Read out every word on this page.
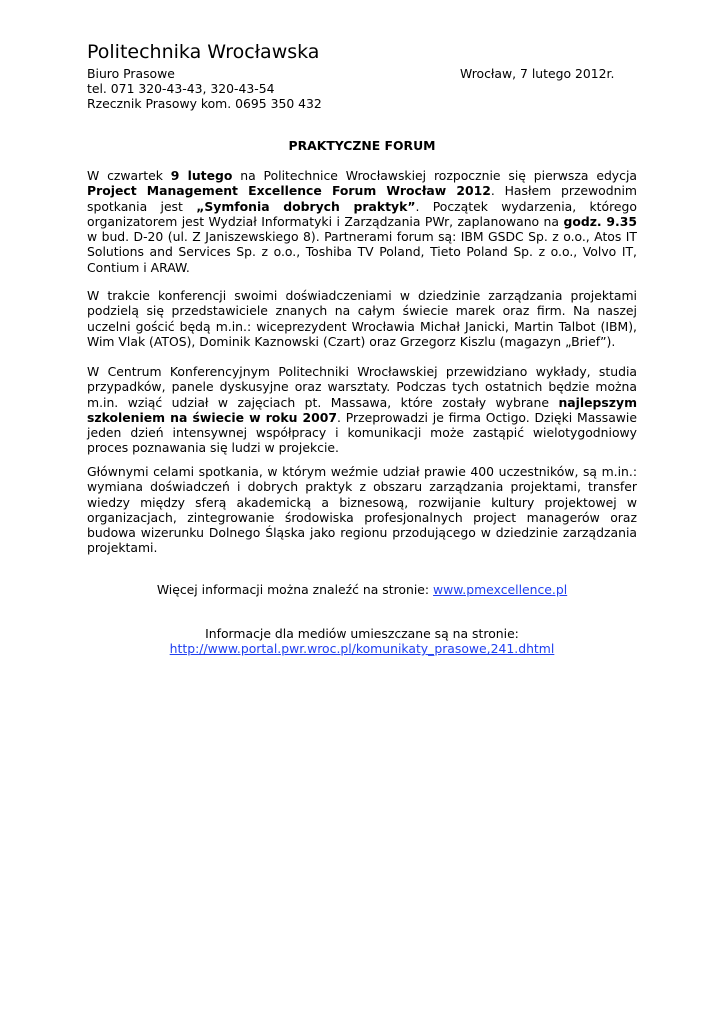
Politechnika Wrocławska
Biuro Prasowe	Wrocław, 7 lutego 2012r.
tel. 071 320-43-43, 320-43-54
Rzecznik Prasowy kom. 0695 350 432
PRAKTYCZNE FORUM
W czwartek 9 lutego na Politechnice Wrocławskiej rozpocznie się pierwsza edycja Project Management Excellence Forum Wrocław 2012. Hasłem przewodnim spotkania jest „Symfonia dobrych praktyk”. Początek wydarzenia, którego organizatorem jest Wydział Informatyki i Zarządzania PWr, zaplanowano na godz. 9.35 w bud. D-20 (ul. Z Janiszewskiego 8). Partnerami forum są: IBM GSDC Sp. z o.o., Atos IT Solutions and Services Sp. z o.o., Toshiba TV Poland, Tieto Poland Sp. z o.o., Volvo IT, Contium i ARAW.
W trakcie konferencji swoimi doświadczeniami w dziedzinie zarządzania projektami podzielą się przedstawiciele znanych na całym świecie marek oraz firm. Na naszej uczelni gościć będą m.in.: wiceprezydent Wrocławia Michał Janicki, Martin Talbot (IBM), Wim Vlak (ATOS), Dominik Kaznowski (Czart) oraz Grzegorz Kiszlu (magazyn „Brief”).
W Centrum Konferencyjnym Politechniki Wrocławskiej przewidziano wykłady, studia przypadków, panele dyskusyjne oraz warsztaty. Podczas tych ostatnich będzie można m.in. wziąć udział w zajęciach pt. Massawa, które zostały wybrane najlepszym szkoleniem na świecie w roku 2007. Przeprowadzi je firma Octigo. Dzięki Massawie jeden dzień intensywnej współpracy i komunikacji może zastąpić wielotygodniowy proces poznawania się ludzi w projekcie.
Głównymi celami spotkania, w którym weźmie udział prawie 400 uczestników, są m.in.: wymiana doświadczeń i dobrych praktyk z obszaru zarządzania projektami, transfer wiedzy między sferą akademicką a biznesową, rozwijanie kultury projektowej w organizacjach, zintegrowanie środowiska profesjonalnych project managerów oraz budowa wizerunku Dolnego Śląska jako regionu przodującego w dziedzinie zarządzania projektami.
Więcej informacji można znaleźć na stronie: www.pmexcellence.pl
Informacje dla mediów umieszczane są na stronie:
http://www.portal.pwr.wroc.pl/komunikaty_prasowe,241.dhtml
